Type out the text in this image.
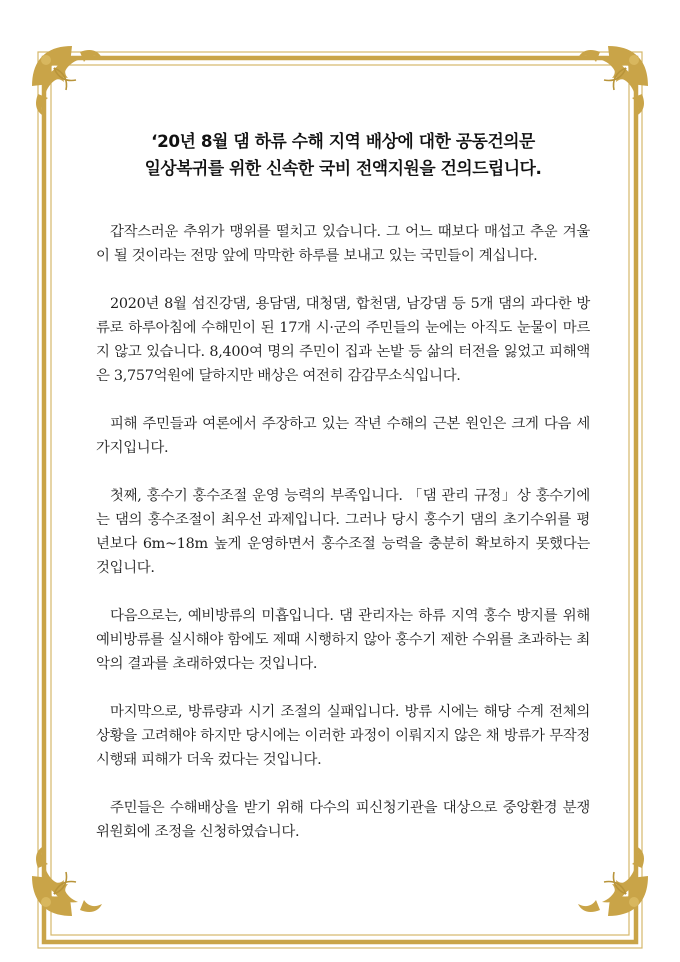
‘20년 8월 댐 하류 수해 지역 배상에 대한 공동건의문
일상복귀를 위한 신속한 국비 전액지원을 건의드립니다.

갑작스러운 추위가 맹위를 떨치고 있습니다. 그 어느 때보다 매섭고 추운 겨울이 될 것이라는 전망 앞에 막막한 하루를 보내고 있는 국민들이 계십니다.

2020년 8월 섬진강댐, 용담댐, 대청댐, 합천댐, 남강댐 등 5개 댐의 과다한 방류로 하루아침에 수해민이 된 17개 시·군의 주민들의 눈에는 아직도 눈물이 마르지 않고 있습니다. 8,400여 명의 주민이 집과 논밭 등 삶의 터전을 잃었고 피해액은 3,757억원에 달하지만 배상은 여전히 감감무소식입니다.

피해 주민들과 여론에서 주장하고 있는 작년 수해의 근본 원인은 크게 다음 세 가지입니다.

첫째, 홍수기 홍수조절 운영 능력의 부족입니다. 「댐 관리 규정」상 홍수기에는 댐의 홍수조절이 최우선 과제입니다. 그러나 당시 홍수기 댐의 초기수위를 평년보다 6m~18m 높게 운영하면서 홍수조절 능력을 충분히 확보하지 못했다는 것입니다.

다음으로는, 예비방류의 미흡입니다. 댐 관리자는 하류 지역 홍수 방지를 위해 예비방류를 실시해야 함에도 제때 시행하지 않아 홍수기 제한 수위를 초과하는 최악의 결과를 초래하였다는 것입니다.

마지막으로, 방류량과 시기 조절의 실패입니다. 방류 시에는 해당 수계 전체의 상황을 고려해야 하지만 당시에는 이러한 과정이 이뤄지지 않은 채 방류가 무작정 시행돼 피해가 더욱 컸다는 것입니다.

주민들은 수해배상을 받기 위해 다수의 피신청기관을 대상으로 중앙환경 분쟁위원회에 조정을 신청하였습니다.
